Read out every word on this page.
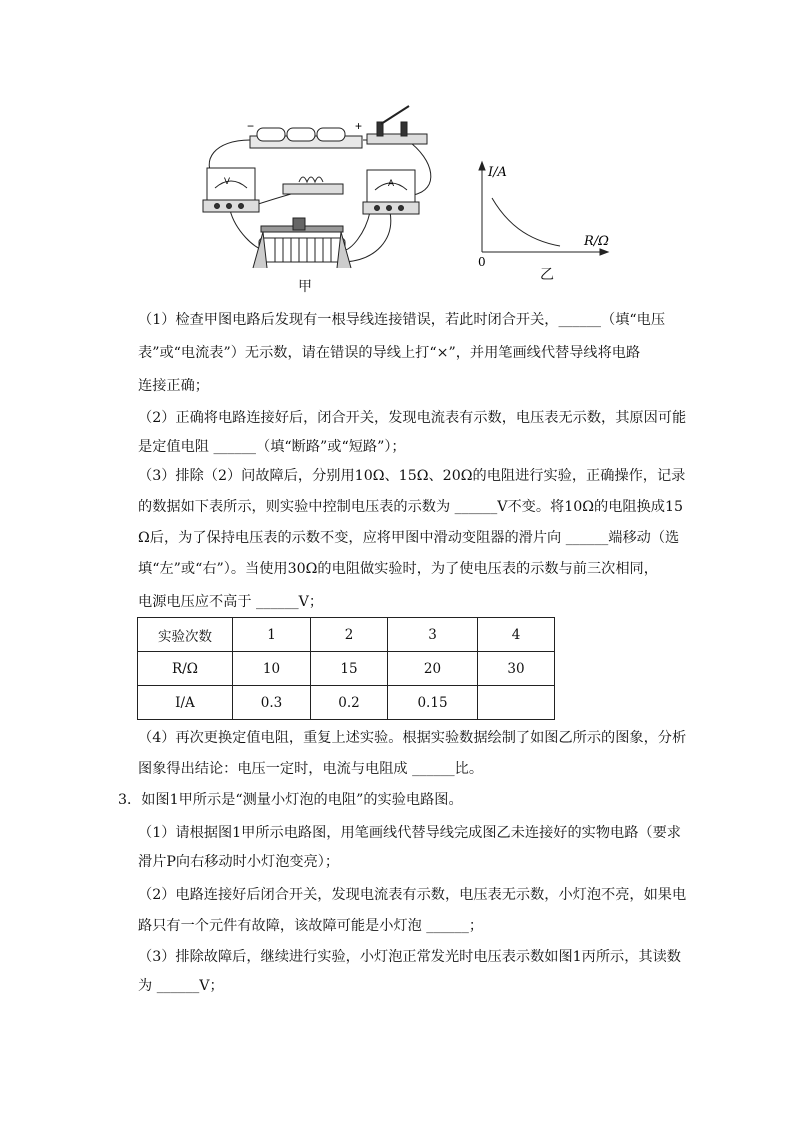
−	+
V	A
甲
I/A
R/Ω
0
乙
（1）检查甲图电路后发现有一根导线连接错误，若此时闭合开关，______（填“电压
表”或“电流表”）无示数，请在错误的导线上打“×”，并用笔画线代替导线将电路
连接正确；
（2）正确将电路连接好后，闭合开关，发现电流表有示数，电压表无示数，其原因可能
是定值电阻 ______（填“断路”或“短路”）；
（3）排除（2）问故障后，分别用10Ω、15Ω、20Ω的电阻进行实验，正确操作，记录
的数据如下表所示，则实验中控制电压表的示数为 ______V不变。将10Ω的电阻换成15
Ω后，为了保持电压表的示数不变，应将甲图中滑动变阻器的滑片向 ______端移动（选
填“左”或“右”）。当使用30Ω的电阻做实验时，为了使电压表的示数与前三次相同，
电源电压应不高于 ______V；
实验次数	1	2	3	4
R/Ω	10	15	20	30
I/A	0.3	0.2	0.15	
（4）再次更换定值电阻，重复上述实验。根据实验数据绘制了如图乙所示的图象，分析
图象得出结论：电压一定时，电流与电阻成 ______比。
3．如图1甲所示是“测量小灯泡的电阻”的实验电路图。
（1）请根据图1甲所示电路图，用笔画线代替导线完成图乙未连接好的实物电路（要求
滑片P向右移动时小灯泡变亮）；
（2）电路连接好后闭合开关，发现电流表有示数，电压表无示数，小灯泡不亮，如果电
路只有一个元件有故障，该故障可能是小灯泡 ______；
（3）排除故障后，继续进行实验，小灯泡正常发光时电压表示数如图1丙所示，其读数
为 ______V；
